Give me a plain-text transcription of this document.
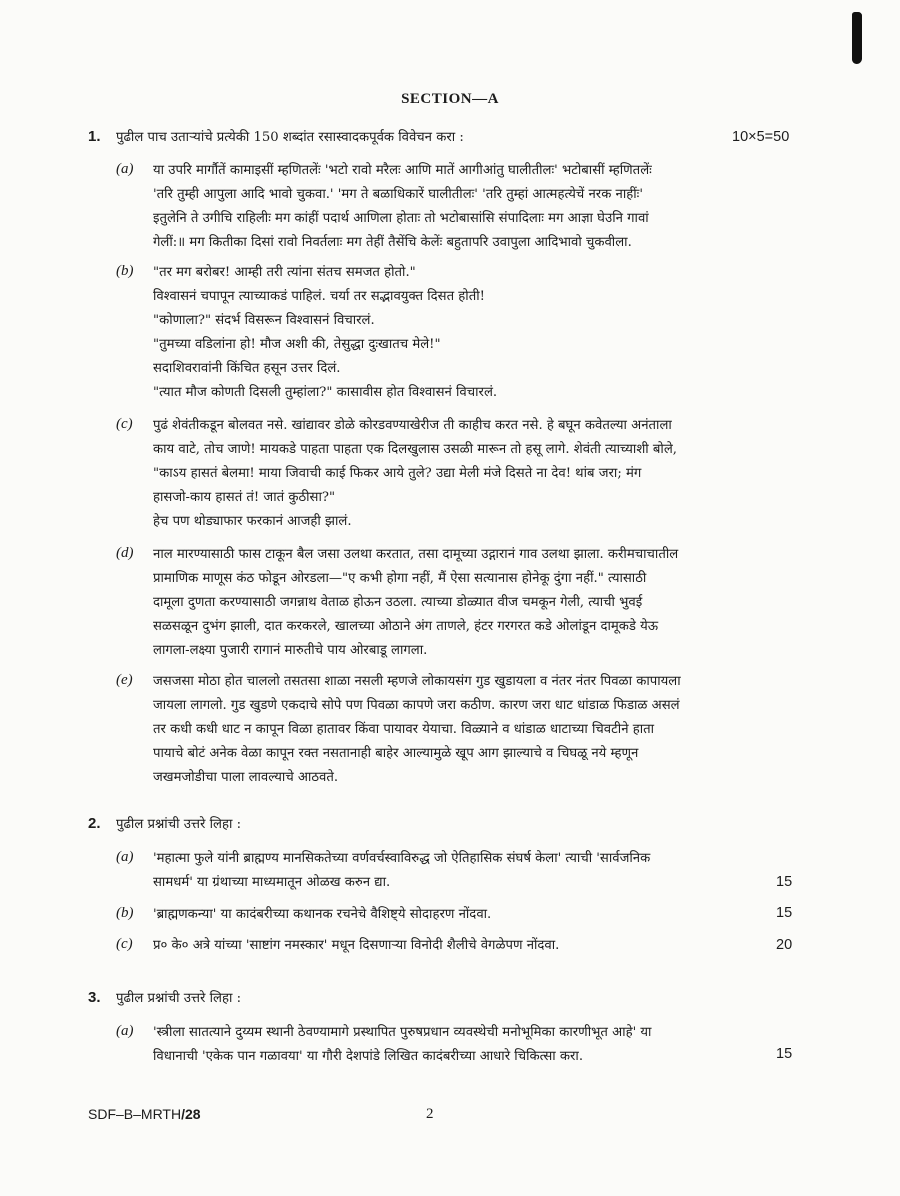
SECTION—A
1. पुढील पाच उताऱ्यांचे प्रत्येकी 150 शब्दांत रसास्वादकपूर्वक विवेचन करा :	10×5=50
(a) या उपरि मार्गौतें कामाइसीं म्हणितलेंः 'भटो रावो मरैलः आणि मातें आगीआंतु घालीतीलः' भटोबासीं म्हणितलेंः
'तरि तुम्ही आपुला आदि भावो चुकवा.' 'मग ते बळाधिकारें घालीतीलः' 'तरि तुम्हां आत्महत्येचें नरक नाहींः'
इतुलेनि ते उगीचि राहिलीः मग कांहीं पदार्थ आणिला होताः तो भटोबासांसि संपादिलाः मग आज्ञा घेउनि गावां
गेलीं:॥ मग कितीका दिसां रावो निवर्तलाः मग तेहीं तैसेंचि केलेंः बहुतापरि उवापुला आदिभावो चुकवीला.
(b) "तर मग बरोबर! आम्ही तरी त्यांना संतच समजत होतो."
विश्वासनं चपापून त्याच्याकडं पाहिलं. चर्या तर सद्भावयुक्त दिसत होती!
"कोणाला?" संदर्भ विसरून विश्वासनं विचारलं.
"तुमच्या वडिलांना हो! मौज अशी की, तेसुद्धा दुःखातच मेले!"
सदाशिवरावांनी किंचित हसून उत्तर दिलं.
"त्यात मौज कोणती दिसली तुम्हांला?" कासावीस होत विश्वासनं विचारलं.
(c) पुढं शेवंतीकडून बोलवत नसे. खांद्यावर डोळे कोरडवण्याखेरीज ती काहीच करत नसे. हे बघून कवेतल्या अनंताला
काय वाटे, तोच जाणे! मायकडे पाहता पाहता एक दिलखुलास उसळी मारून तो हसू लागे. शेवंती त्याच्याशी बोले,
"काऽय हासतं बेलमा! माया जिवाची काई फिकर आये तुले? उद्या मेली मंजे दिसते ना देव! थांब जरा; मंग
हासजो-काय हासतं तं! जातं कुठीसा?"
हेच पण थोड्याफार फरकानं आजही झालं.
(d) नाल मारण्यासाठी फास टाकून बैल जसा उलथा करतात, तसा दामूच्या उद्गारानं गाव उलथा झाला. करीमचाचातील
प्रामाणिक माणूस कंठ फोडून ओरडला—"ए कभी होगा नहीं, मैं ऐसा सत्यानास होनेकू दुंगा नहीं." त्यासाठी
दामूला दुणता करण्यासाठी जगन्नाथ वेताळ होऊन उठला. त्याच्या डोळ्यात वीज चमकून गेली, त्याची भुवई
सळसळून दुभंग झाली, दात करकरले, खालच्या ओठाने अंग ताणले, हंटर गरगरत कडे ओलांडून दामूकडे येऊ
लागला-लक्ष्या पुजारी रागानं मारुतीचे पाय ओरबाडू लागला.
(e) जसजसा मोठा होत चाललो तसतसा शाळा नसली म्हणजे लोकायसंग गुड खुडायला व नंतर नंतर पिवळा कापायला
जायला लागलो. गुड खुडणे एकदाचे सोपे पण पिवळा कापणे जरा कठीण. कारण जरा धाट धांडाळ फिडाळ असलं
तर कधी कधी धाट न कापून विळा हातावर किंवा पायावर येयाचा. विळ्याने व धांडाळ धाटाच्या चिवटीने हाता
पायाचे बोटं अनेक वेळा कापून रक्त नसतानाही बाहेर आल्यामुळे खूप आग झाल्याचे व चिघळू नये म्हणून
जखमजोडीचा पाला लावल्याचे आठवते.
2. पुढील प्रश्नांची उत्तरे लिहा :
(a) 'महात्मा फुले यांनी ब्राह्मण्य मानसिकतेच्या वर्णवर्चस्वाविरुद्ध जो ऐतिहासिक संघर्ष केला' त्याची 'सार्वजनिक
सामधर्म' या ग्रंथाच्या माध्यमातून ओळख करुन द्या.	15
(b) 'ब्राह्मणकन्या' या कादंबरीच्या कथानक रचनेचे वैशिष्ट्ये सोदाहरण नोंदवा.	15
(c) प्र० के० अत्रे यांच्या 'साष्टांग नमस्कार' मधून दिसणाऱ्या विनोदी शैलीचे वेगळेपण नोंदवा.	20
3. पुढील प्रश्नांची उत्तरे लिहा :
(a) 'स्त्रीला सातत्याने दुय्यम स्थानी ठेवण्यामागे प्रस्थापित पुरुषप्रधान व्यवस्थेची मनोभूमिका कारणीभूत आहे' या
विधानाची 'एकेक पान गळावया' या गौरी देशपांडे लिखित कादंबरीच्या आधारे चिकित्सा करा.	15
SDF–B–MRTH/28	2
